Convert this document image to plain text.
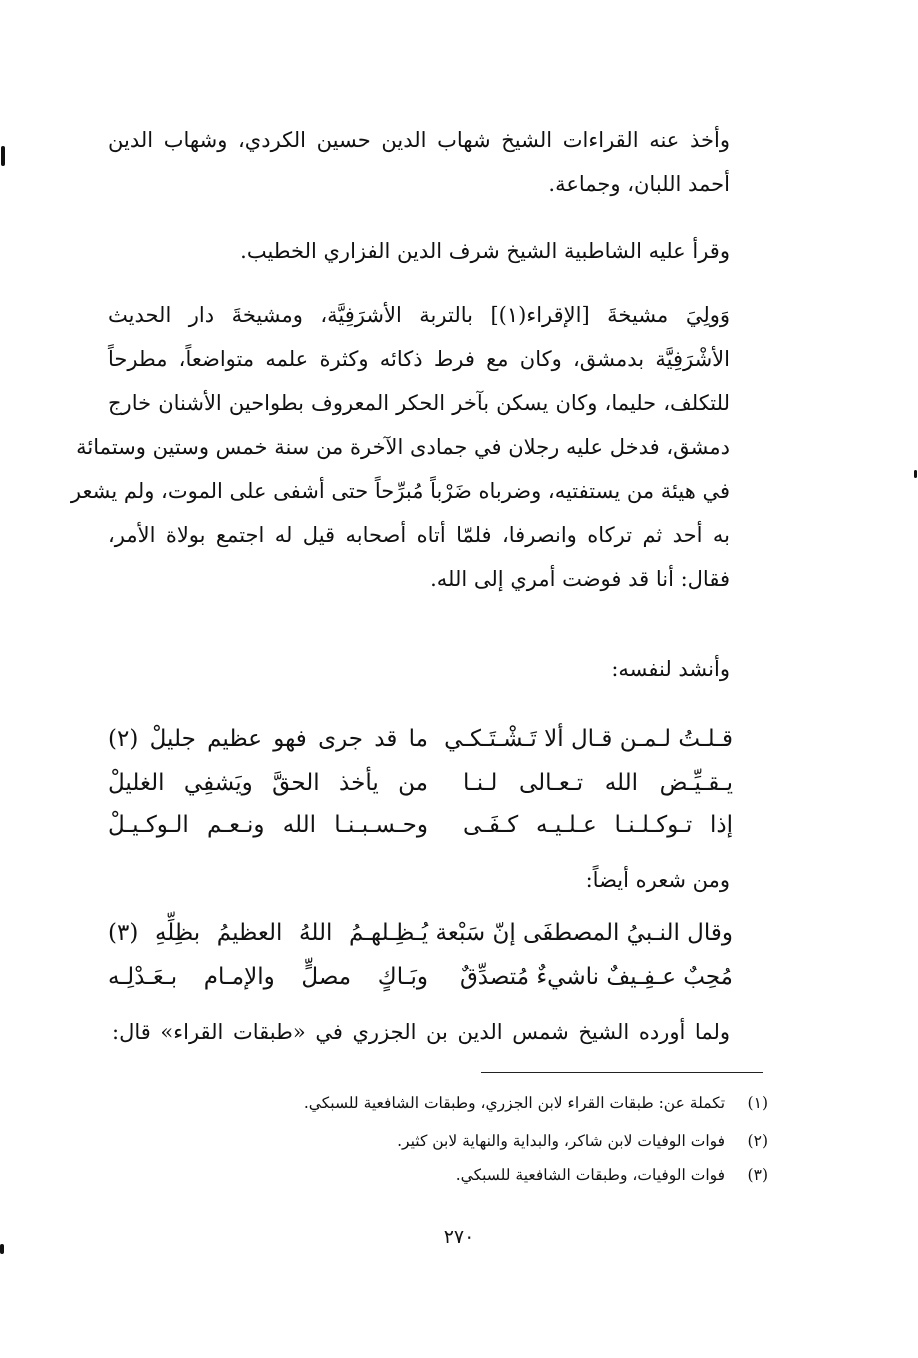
وأخذ عنه القراءات الشيخ شهاب الدين حسين الكردي، وشهاب الدين
أحمد اللبان، وجماعة.
وقرأ عليه الشاطبية الشيخ شرف الدين الفزاري الخطيب.
وَولِيَ مشيخةَ [الإقراء(١)] بالتربة الأشرَفِيَّة، ومشيخةَ دار الحديث
الأشْرَفِيَّة بدمشق، وكان مع فرط ذكائه وكثرة علمه متواضعاً، مطرحاً
للتكلف، حليما، وكان يسكن بآخر الحكر المعروف بطواحين الأشنان خارج
دمشق، فدخل عليه رجلان في جمادى الآخرة من سنة خمس وستين وستمائة
في هيئة من يستفتيه، وضرباه ضَرْباً مُبرِّحاً حتى أشفى على الموت، ولم يشعر
به أحد ثم تركاه وانصرفا، فلمّا أتاه أصحابه قيل له اجتمع بولاة الأمر،
فقال: أنا قد فوضت أمري إلى الله.
وأنشد لنفسه:
قـلـتُ لـمـن قـال ألا تَـشْـتَـكـي
ما قد جرى فهو عظيم جليلْ (٢)
يـقـيِّـض الله تـعـالى لـنـا
من يأخذ الحقَّ ويَشفِي الغليلْ
إذا تـوكـلـنـا عـلـيـه كـفَـى
وحـسـبـنـا الله ونـعـم الـوكـيـلْ
ومن شعره أيضاً:
وقال النـبيُ المصطفَى إنّ سَبْعة
يُـظِـلهـمُ اللهُ العظيمُ بظِلِّهِ (٣)
مُحِبٌ عـفِـيفٌ ناشيءٌ مُتصدِّقٌ
وبَـاكٍ مصلٍّ والإمـام بـعَـدْلِـه
ولما أورده الشيخ شمس الدين بن الجزري في «طبقات القراء» قال:
(١) تكملة عن: طبقات القراء لابن الجزري، وطبقات الشافعية للسبكي.
(٢) فوات الوفيات لابن شاكر، والبداية والنهاية لابن كثير.
(٣) فوات الوفيات، وطبقات الشافعية للسبكي.
٢٧٠
